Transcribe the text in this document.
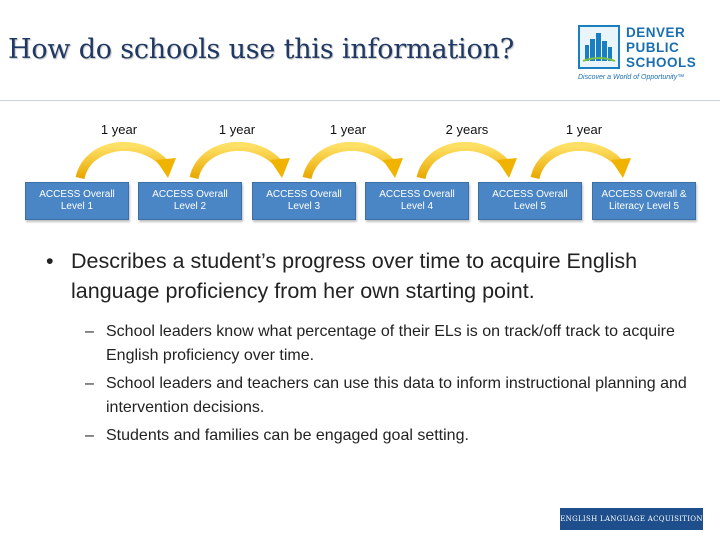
How do schools use this information?
DENVER
PUBLIC
SCHOOLS
Discover a World of Opportunity™
1 year	1 year	1 year	2 years	1 year
ACCESS Overall Level 1
ACCESS Overall Level 2
ACCESS Overall Level 3
ACCESS Overall Level 4
ACCESS Overall Level 5
ACCESS Overall & Literacy Level 5
• Describes a student’s progress over time to acquire English language proficiency from her own starting point.
– School leaders know what percentage of their ELs is on track/off track to acquire English proficiency over time.
– School leaders and teachers can use this data to inform instructional planning and intervention decisions.
– Students and families can be engaged goal setting.
ENGLISH LANGUAGE ACQUISITION
